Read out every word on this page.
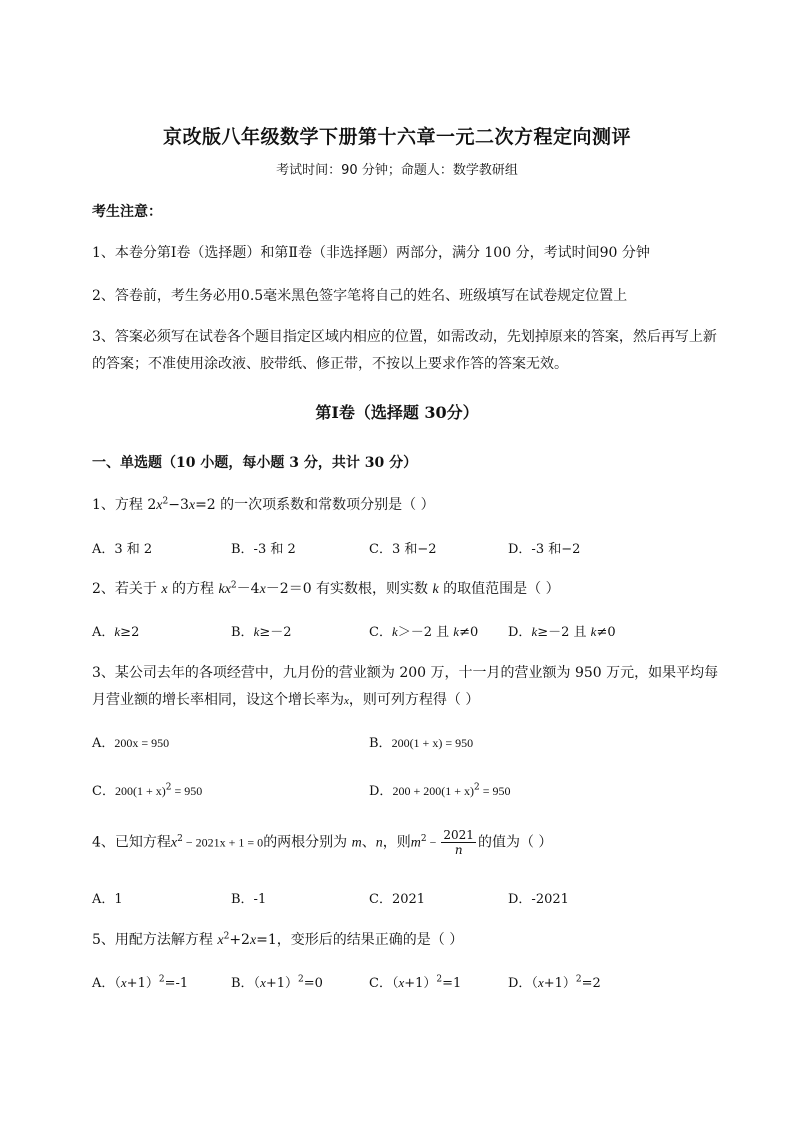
京改版八年级数学下册第十六章一元二次方程定向测评
考试时间：90 分钟；命题人：数学教研组
考生注意：
1、本卷分第Ⅰ卷（选择题）和第Ⅱ卷（非选择题）两部分，满分 100 分，考试时间90 分钟
2、答卷前，考生务必用0.5毫米黑色签字笔将自己的姓名、班级填写在试卷规定位置上
3、答案必须写在试卷各个题目指定区域内相应的位置，如需改动，先划掉原来的答案，然后再写上新
的答案；不准使用涂改液、胶带纸、修正带，不按以上要求作答的答案无效。
第Ⅰ卷（选择题 30分）
一、单选题（10 小题，每小题 3 分，共计 30 分）
1、方程 $2x^2-3x=2$ 的一次项系数和常数项分别是（ ）
A．3 和 2	B．-3 和 2	C．3 和−2	D．-3 和−2
2、若关于 x 的方程 $kx^2-4x-2=0$ 有实数根，则实数 k 的取值范围是（ ）
A．k≥2	B．k≥－2	C．k＞－2 且 k≠0 D．k≥－2 且 k≠0
3、某公司去年的各项经营中，九月份的营业额为 200 万，十一月的营业额为 950 万元，如果平均每
月营业额的增长率相同，设这个增长率为x，则可列方程得（ ）
A．200x = 950	B．200(1 + x) = 950
C．$200(1 + x)^2 = 950$	D．$200 + 200(1 + x)^2 = 950$
4、已知方程$x^2 - 2021x + 1 = 0$的两根分别为 m、n，则$m^2 - \frac{2021}{n}$ 的值为（ ）
A．1	B．-1	C．2021	D．-2021
5、用配方法解方程 $x^2+2x=1$，变形后的结果正确的是（ ）
A．$(x+1)^2=-1$	B．$(x+1)^2=0$	C．$(x+1)^2=1$	D．$(x+1)^2=2$
